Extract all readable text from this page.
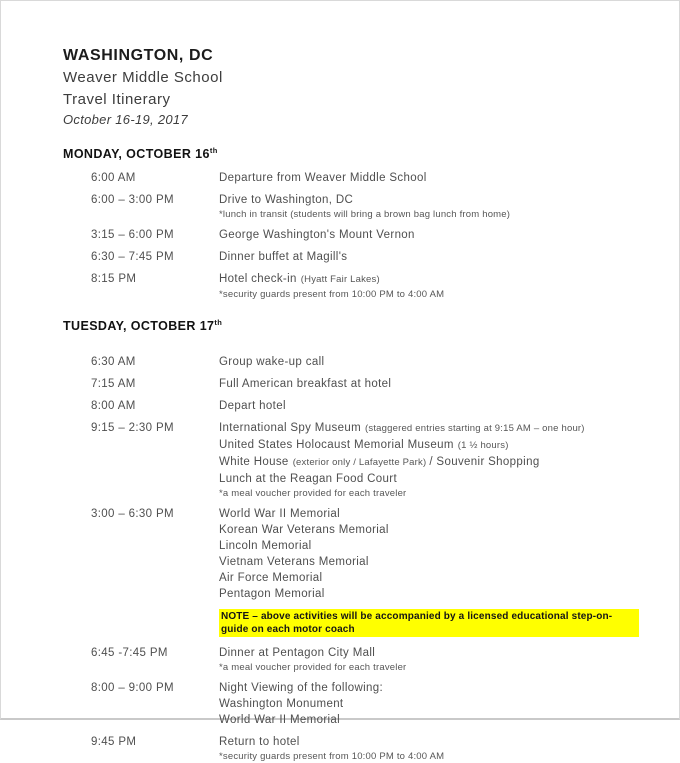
WASHINGTON, DC
Weaver Middle School
Travel Itinerary
October 16-19, 2017
MONDAY, OCTOBER 16th
6:00 AM	Departure from Weaver Middle School
6:00 – 3:00 PM	Drive to Washington, DC
*lunch in transit (students will bring a brown bag lunch from home)
3:15 – 6:00 PM	George Washington's Mount Vernon
6:30 – 7:45 PM	Dinner buffet at Magill's
8:15 PM	Hotel check-in (Hyatt Fair Lakes)
*security guards present from 10:00 PM to 4:00 AM
TUESDAY, OCTOBER 17th
6:30 AM	Group wake-up call
7:15 AM	Full American breakfast at hotel
8:00 AM	Depart hotel
9:15 – 2:30 PM	International Spy Museum (staggered entries starting at 9:15 AM – one hour)
United States Holocaust Memorial Museum (1 ½ hours)
White House (exterior only / Lafayette Park) / Souvenir Shopping
Lunch at the Reagan Food Court
*a meal voucher provided for each traveler
3:00 – 6:30 PM	World War II Memorial
Korean War Veterans Memorial
Lincoln Memorial
Vietnam Veterans Memorial
Air Force Memorial
Pentagon Memorial
NOTE – above activities will be accompanied by a licensed educational step-on-guide on each motor coach
6:45 -7:45 PM	Dinner at Pentagon City Mall
*a meal voucher provided for each traveler
8:00 – 9:00 PM	Night Viewing of the following:
Washington Monument
World War II Memorial
9:45 PM	Return to hotel
*security guards present from 10:00 PM to 4:00 AM
